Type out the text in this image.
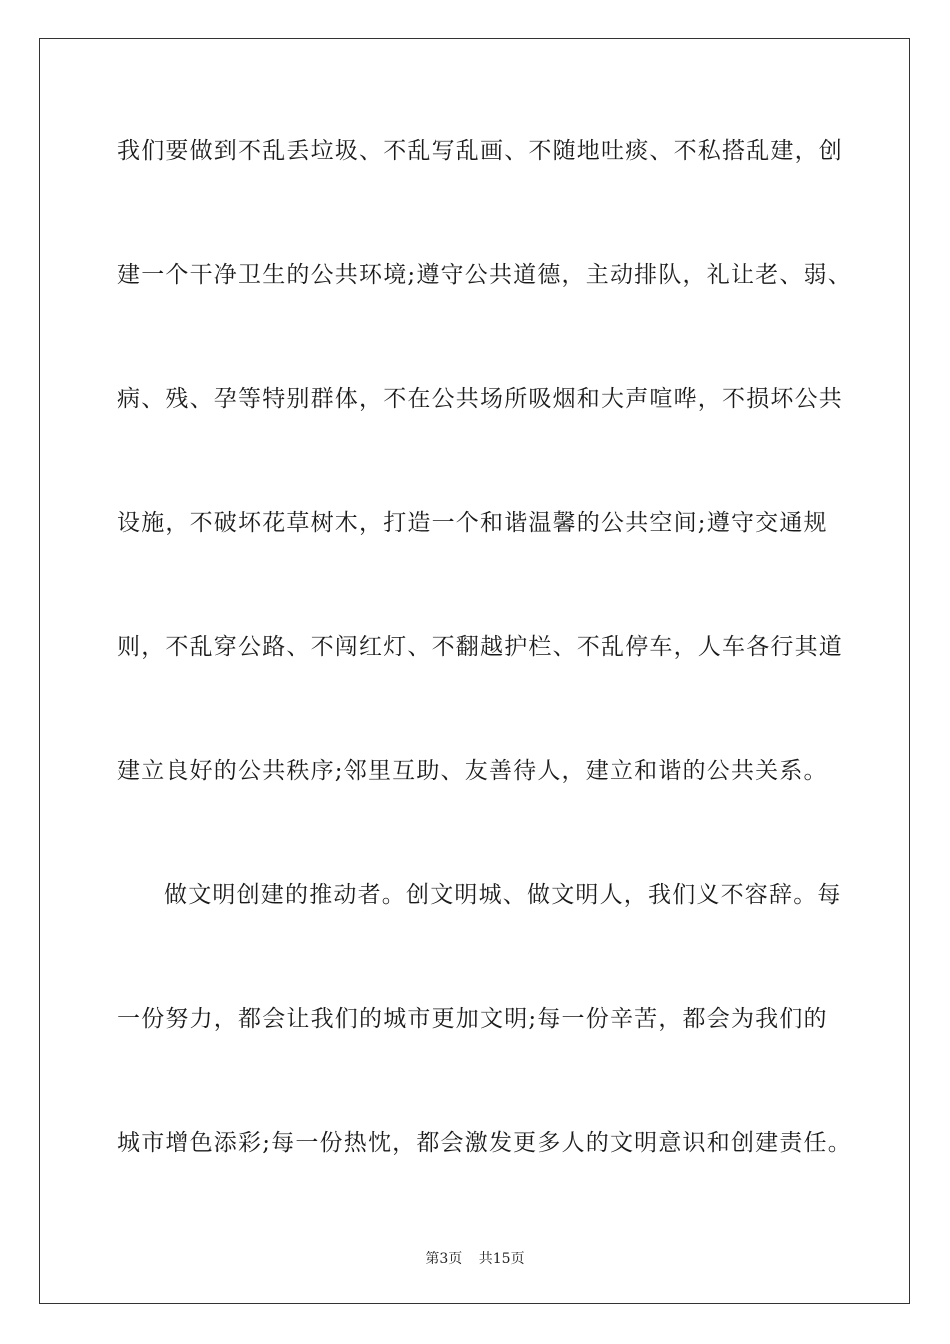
我们要做到不乱丢垃圾、不乱写乱画、不随地吐痰、不私搭乱建，创
建一个干净卫生的公共环境;遵守公共道德，主动排队，礼让老、弱、
病、残、孕等特别群体，不在公共场所吸烟和大声喧哗，不损坏公共
设施，不破坏花草树木，打造一个和谐温馨的公共空间;遵守交通规
则，不乱穿公路、不闯红灯、不翻越护栏、不乱停车，人车各行其道
建立良好的公共秩序;邻里互助、友善待人，建立和谐的公共关系。
做文明创建的推动者。创文明城、做文明人，我们义不容辞。每
一份努力，都会让我们的城市更加文明;每一份辛苦，都会为我们的
城市增色添彩;每一份热忱，都会激发更多人的文明意识和创建责任。
第3页 共15页
